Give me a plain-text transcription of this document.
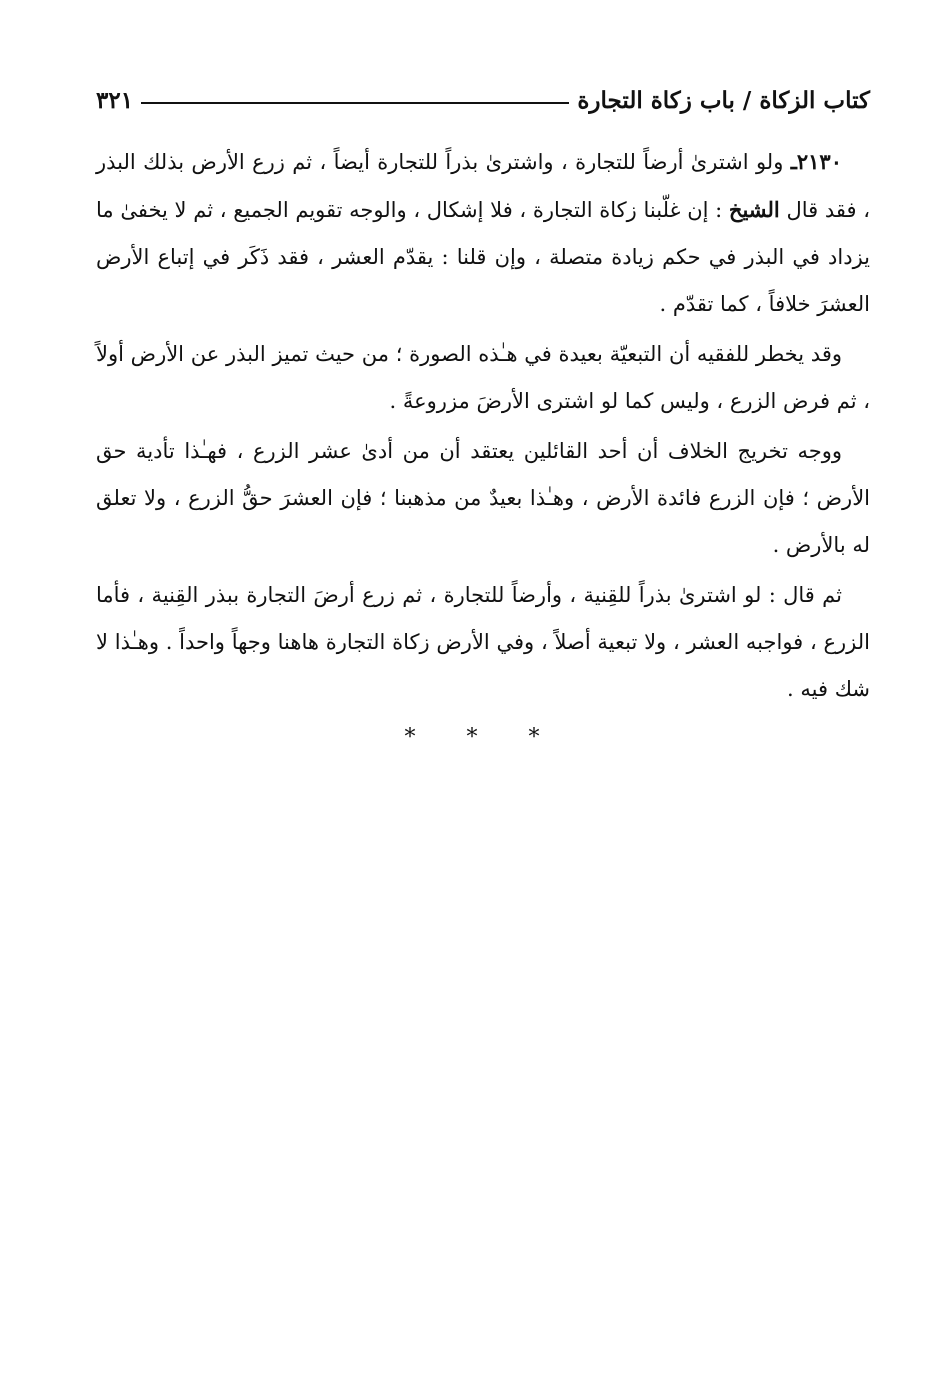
كتاب الزكاة / باب زكاة التجارة
٣٢١

٢١٣٠ـ ولو اشترىٰ أرضاً للتجارة ، واشترىٰ بذراً للتجارة أيضاً ، ثم زرع الأرض بذلك البذر ، فقد قال الشيخ : إن غلّبنا زكاة التجارة ، فلا إشكال ، والوجه تقويم الجميع ، ثم لا يخفىٰ ما يزداد في البذر في حكم زيادة متصلة ، وإن قلنا : يقدّم العشر ، فقد ذَكَر في إتباع الأرض العشرَ خلافاً ، كما تقدّم .

وقد يخطر للفقيه أن التبعيّة بعيدة في هـٰذه الصورة ؛ من حيث تميز البذر عن الأرض أولاً ، ثم فرض الزرع ، وليس كما لو اشترى الأرضَ مزروعةً .

ووجه تخريج الخلاف أن أحد القائلين يعتقد أن من أدىٰ عشر الزرع ، فهـٰذا تأدية حق الأرض ؛ فإن الزرع فائدة الأرض ، وهـٰذا بعيدٌ من مذهبنا ؛ فإن العشرَ حقُّ الزرع ، ولا تعلق له بالأرض .

ثم قال : لو اشترىٰ بذراً للقِنية ، وأرضاً للتجارة ، ثم زرع أرضَ التجارة ببذر القِنية ، فأما الزرع ، فواجبه العشر ، ولا تبعية أصلاً ، وفي الأرض زكاة التجارة هاهنا وجهاً واحداً . وهـٰذا لا شك فيه .

* * *
